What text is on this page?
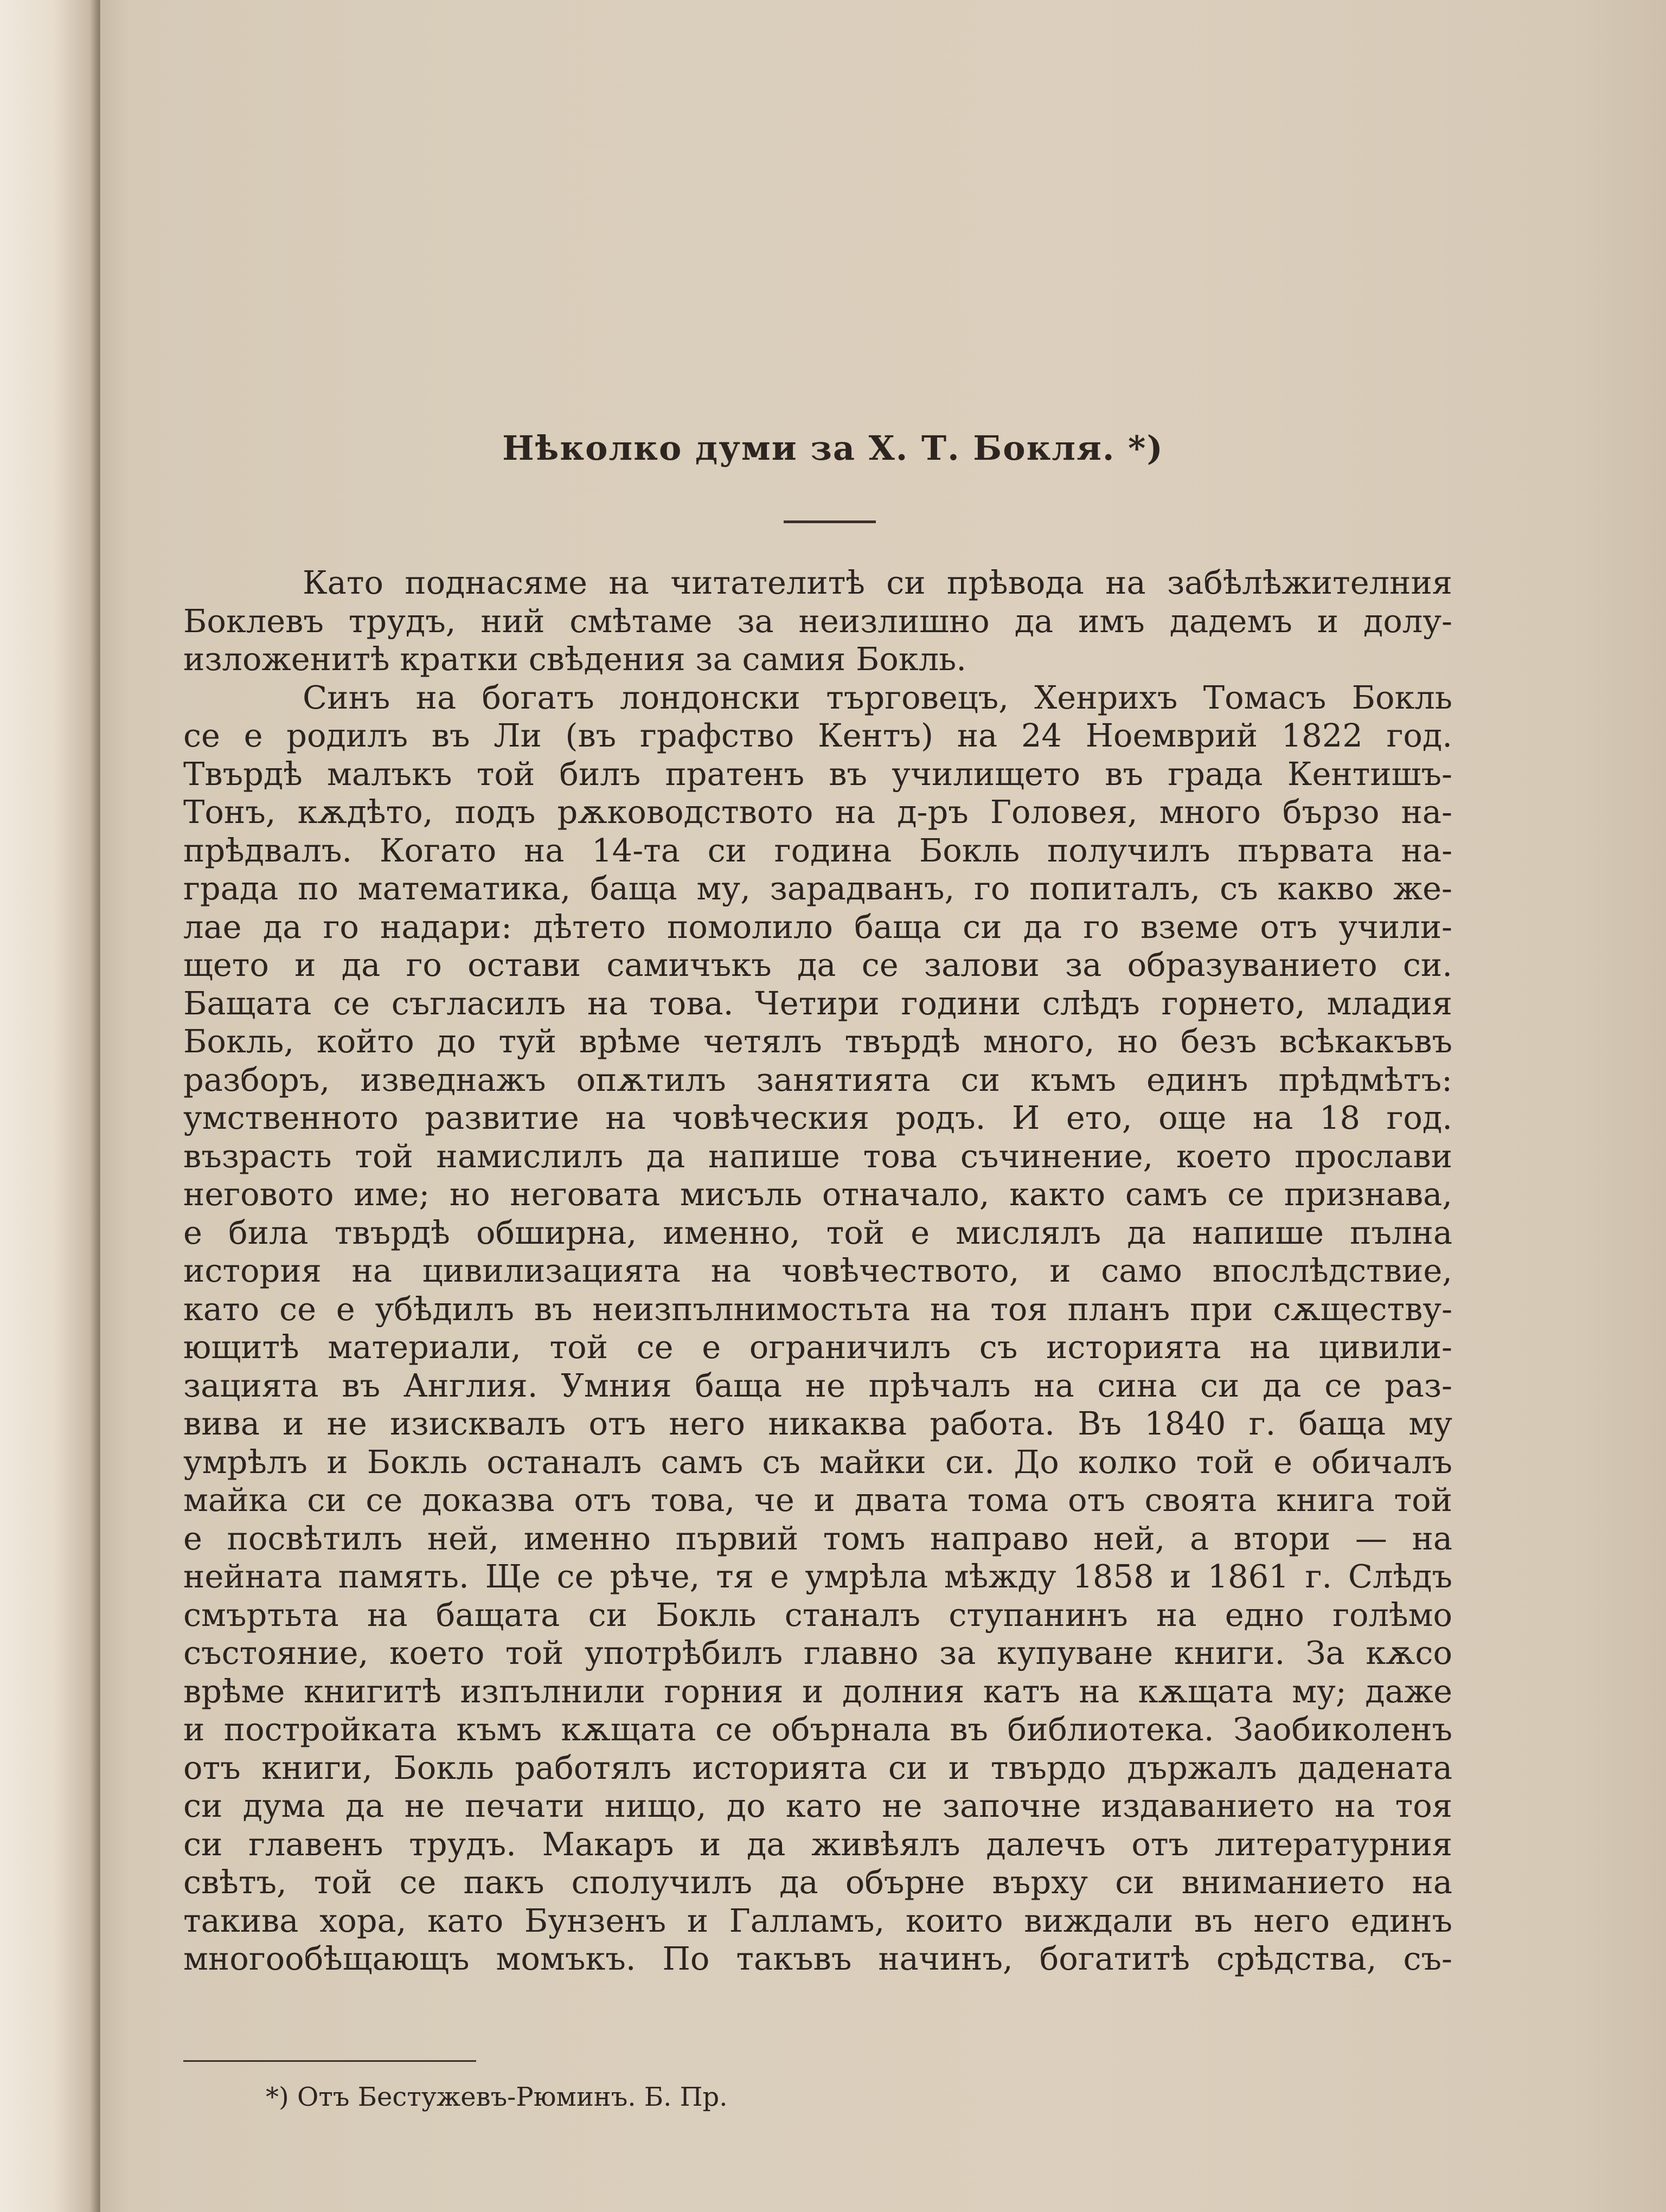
Нѣколко думи за Х. Т. Бокля. *)
Като поднасяме на читателитѣ си прѣвода на забѣлѣжителния
Боклевъ трудъ, ний смѣтаме за неизлишно да имъ дадемъ и долу-
изложенитѣ кратки свѣдения за самия Бокль.
Синъ на богатъ лондонски търговецъ, Хенрихъ Томасъ Бокль
се е родилъ въ Ли (въ графство Кентъ) на 24 Ноемврий 1822 год.
Твърдѣ малъкъ той билъ пратенъ въ училището въ града Кентишъ-
Тонъ, кѫдѣто, подъ рѫководството на д-ръ Головея, много бързо на-
прѣдвалъ. Когато на 14-та си година Бокль получилъ първата на-
града по математика, баща му, зарадванъ, го попиталъ, съ какво же-
лае да го надари: дѣтето помолило баща си да го вземе отъ учили-
щето и да го остави самичъкъ да се залови за образуванието си.
Бащата се съгласилъ на това. Четири години слѣдъ горнето, младия
Бокль, който до туй врѣме четялъ твърдѣ много, но безъ всѣкакъвъ
разборъ, изведнажъ опѫтилъ занятията си къмъ единъ прѣдмѣтъ:
умственното развитие на човѣческия родъ. И ето, още на 18 год.
възрасть той намислилъ да напише това съчинение, което прослави
неговото име; но неговата мисъль отначало, както самъ се признава,
е била твърдѣ обширна, именно, той е мислялъ да напише пълна
история на цивилизацията на човѣчеството, и само впослѣдствие,
като се е убѣдилъ въ неизпълнимостьта на тоя планъ при сѫществу-
ющитѣ материали, той се е ограничилъ съ историята на цивили-
зацията въ Англия. Умния баща не прѣчалъ на сина си да се раз-
вива и не изисквалъ отъ него никаква работа. Въ 1840 г. баща му
умрѣлъ и Бокль останалъ самъ съ майки си. До колко той е обичалъ
майка си се доказва отъ това, че и двата тома отъ своята книга той
е посвѣтилъ ней, именно първий томъ направо ней, а втори — на
нейната память. Ще се рѣче, тя е умрѣла мѣжду 1858 и 1861 г. Слѣдъ
смъртьта на бащата си Бокль станалъ ступанинъ на едно голѣмо
състояние, което той употрѣбилъ главно за купуване книги. За кѫсо
врѣме книгитѣ изпълнили горния и долния катъ на кѫщата му; даже
и постройката къмъ кѫщата се обърнала въ библиотека. Заобиколенъ
отъ книги, Бокль работялъ историята си и твърдо държалъ дадената
си дума да не печати нищо, до като не започне издаванието на тоя
си главенъ трудъ. Макаръ и да живѣялъ далечъ отъ литературния
свѣтъ, той се пакъ сполучилъ да обърне върху си вниманието на
такива хора, като Бунзенъ и Галламъ, които виждали въ него единъ
многообѣщающъ момъкъ. По такъвъ начинъ, богатитѣ срѣдства, съ-
*) Отъ Бестужевъ-Рюминъ. Б. Пр.
